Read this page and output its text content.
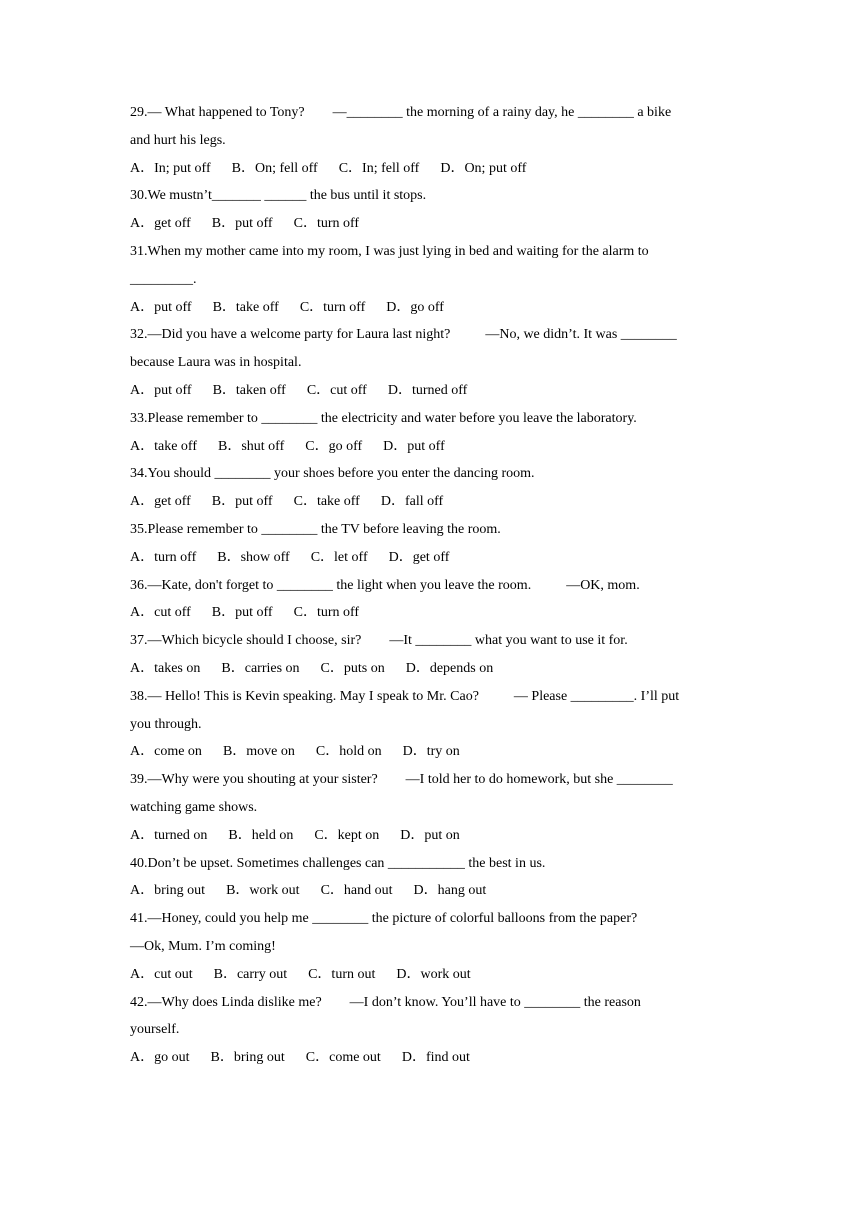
29.— What happened to Tony?        —________ the morning of a rainy day, he ________ a bike
and hurt his legs.
A．In; put off B．On; fell off C．In; fell off D．On; put off
30.We mustn’t_______ ______ the bus until it stops.
A．get off B．put off C．turn off
31.When my mother came into my room, I was just lying in bed and waiting for the alarm to
_________.
A．put off B．take off C．turn off D．go off
32.—Did you have a welcome party for Laura last night?          —No, we didn’t. It was ________
because Laura was in hospital.
A．put off B．taken off C．cut off D．turned off
33.Please remember to ________ the electricity and water before you leave the laboratory.
A．take off B．shut off C．go off D．put off
34.You should ________ your shoes before you enter the dancing room.
A．get off B．put off C．take off D．fall off
35.Please remember to ________ the TV before leaving the room.
A．turn off B．show off C．let off D．get off
36.—Kate, don't forget to ________ the light when you leave the room.          —OK, mom.
A．cut off B．put off C．turn off
37.—Which bicycle should I choose, sir?        —It ________ what you want to use it for.
A．takes on B．carries on C．puts on D．depends on
38.— Hello! This is Kevin speaking. May I speak to Mr. Cao?          — Please _________. I’ll put
you through.
A．come on B．move on C．hold on D．try on
39.—Why were you shouting at your sister?        —I told her to do homework, but she ________
watching game shows.
A．turned on B．held on C．kept on D．put on
40.Don’t be upset. Sometimes challenges can ___________ the best in us.
A．bring out B．work out C．hand out D．hang out
41.—Honey, could you help me ________ the picture of colorful balloons from the paper?
—Ok, Mum. I’m coming!
A．cut out B．carry out C．turn out D．work out
42.—Why does Linda dislike me?        —I don’t know. You’ll have to ________ the reason
yourself.
A．go out B．bring out C．come out D．find out
